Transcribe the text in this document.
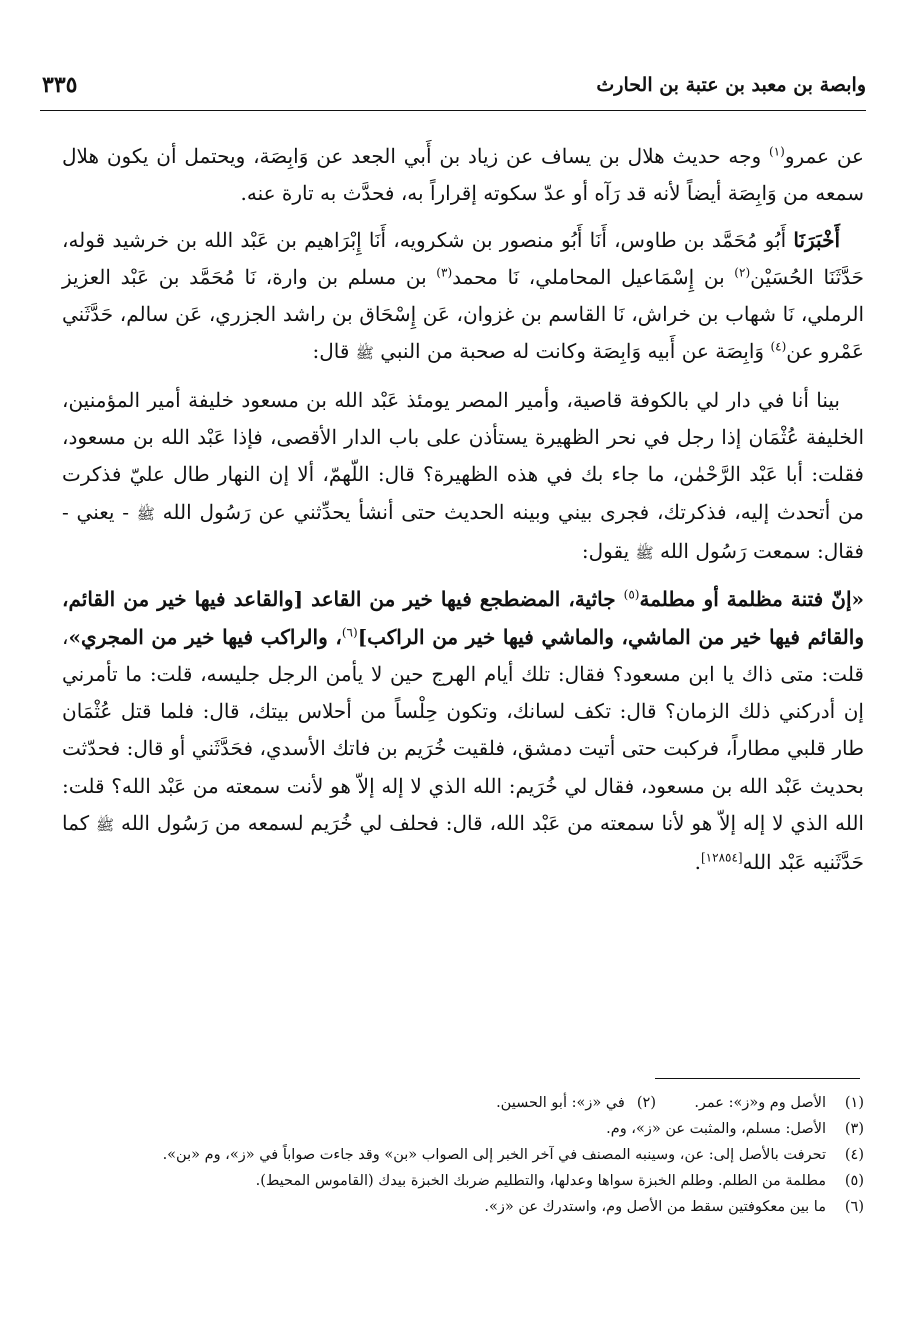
وابصة بن معبد بن عتبة بن الحارث
٣٣٥

عن عمرو$^{(١)}$ وجه حديث هلال بن يساف عن زياد بن أَبي الجعد عن وَابِصَة، ويحتمل أن يكون هلال سمعه من وَابِصَة أيضاً لأنه قد رَآه أو عدّ سكوته إقراراً به، فحدَّث به تارة عنه.

أَخْبَرَنَا أَبُو مُحَمَّد بن طاوس، أَنَا أَبُو منصور بن شكرويه، أَنَا إِبْرَاهيم بن عَبْد الله بن خرشيد قوله، حَدَّثَنَا الحُسَيْن$^{(٢)}$ بن إِسْمَاعيل المحاملي، نَا محمد$^{(٣)}$ بن مسلم بن وارة، نَا مُحَمَّد بن عَبْد العزيز الرملي، نَا شهاب بن خراش، نَا القاسم بن غزوان، عَن إِسْحَاق بن راشد الجزري، عَن سالم، حَدَّثَني عَمْرو عن$^{(٤)}$ وَابِصَة عن أَبيه وَابِصَة وكانت له صحبة من النبي ﷺ قال:

بينا أنا في دار لي بالكوفة قاصية، وأمير المصر يومئذ عَبْد الله بن مسعود خليفة أمير المؤمنين، الخليفة عُثْمَان إذا رجل في نحر الظهيرة يستأذن على باب الدار الأقصى، فإذا عَبْد الله بن مسعود، فقلت: أبا عَبْد الرَّحْمٰن، ما جاء بك في هذه الظهيرة؟ قال: اللّهمّ، ألا إن النهار طال عليّ فذكرت من أتحدث إليه، فذكرتك، فجرى بيني وبينه الحديث حتى أنشأ يحدِّثني عن رَسُول الله ﷺ - يعني - فقال: سمعت رَسُول الله ﷺ يقول:

«إنّ فتنة مظلمة أو مطلمة$^{(٥)}$ جاثية، المضطجع فيها خير من القاعد [والقاعد فيها خير من القائم، والقائم فيها خير من الماشي، والماشي فيها خير من الراكب]$^{(٦)}$، والراكب فيها خير من المجري»، قلت: متى ذاك يا ابن مسعود؟ فقال: تلك أيام الهرج حين لا يأمن الرجل جليسه، قلت: ما تأمرني إن أدركني ذلك الزمان؟ قال: تكف لسانك، وتكون حِلْساً من أحلاس بيتك، قال: فلما قتل عُثْمَان طار قلبي مطاراً، فركبت حتى أتيت دمشق، فلقيت خُرَيم بن فاتك الأسدي، فحَدَّثَني أو قال: فحدّثت بحديث عَبْد الله بن مسعود، فقال لي خُرَيم: الله الذي لا إله إلاّ هو لأنت سمعته من عَبْد الله؟ قلت: الله الذي لا إله إلاّ هو لأنا سمعته من عَبْد الله، قال: فحلف لي خُرَيم لسمعه من رَسُول الله ﷺ كما حَدَّثَنيه عَبْد الله[١٢٨٥٤].

(١)
الأصل وم و«ز»: عمر.
(٢)في «ز»: أبو الحسين.
(٣)
الأصل: مسلم، والمثبت عن «ز»، وم.
(٤)
تحرفت بالأصل إلى: عن، وسينبه المصنف في آخر الخبر إلى الصواب «بن» وقد جاءت صواباً في «ز»، وم «بن».
(٥)
مطلمة من الطلم. وطلم الخبزة سواها وعدلها، والتطليم ضربك الخبزة بيدك (القاموس المحيط).
(٦)
ما بين معكوفتين سقط من الأصل وم، واستدرك عن «ز».
